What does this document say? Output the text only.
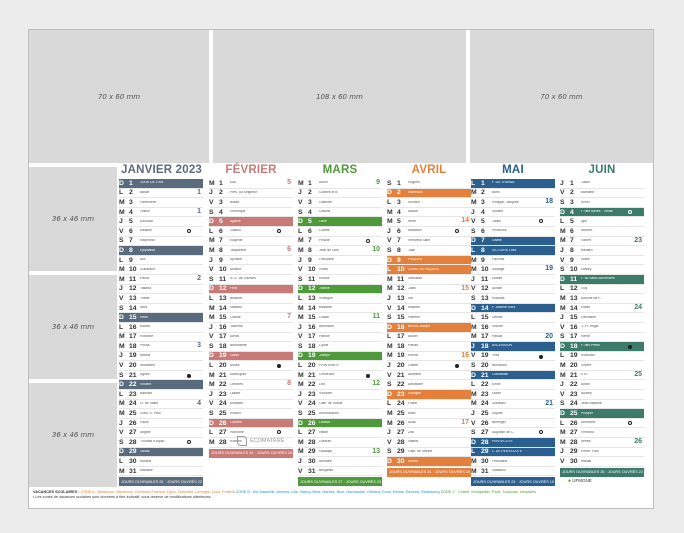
70 x 60 mm	108 x 60 mm	70 x 60 mm
36 x 46 mm
36 x 46 mm
36 x 46 mm
JANVIER 2023
D 1	JOUR DE L'AN
L 2	Basile	1
M 3	Geneviève
M 4	Odilon	1
J 5	Edouard
V 6	Mélaine
S 7	Raymond
D 8	Epiphanie
L 9	Alix
M 10	Guillaume
M 11	Paulin	2
J 12	Tatiana
V 13	Yvette
S 14	Nina
D 15	Rémi
L 16	Marcel
M 17	Roseline
M 18	Prisca	3
J 19	Marius
V 20	Sébastien
S 21	Agnès
D 22	Vincent
L 23	Barnard
M 24	Fr. de Sales	4
M 25	Conv. S. Paul
J 26	Paule
V 27	Angèle
S 28	Thomas d'Aquin
D 29	Gildas
L 30	Martine
M 31	Marcelle
JOURS OUVRABLES 25 · JOURS OUVRÉS 22
FÉVRIER
M 1	Ella	5
J 2	Prés. du Seigneur
V 3	Blaise
S 4	Véronique
D 5	Agathe
L 6	Gaston
M 7	Eugénie
M 8	Jacqueline	6
J 9	Apolline
V 10	Arnaud
S 11	N.-D. de Lourdes
D 12	Félix
L 13	Béatrice
M 14	Valentin
M 15	Claude	7
J 16	Julienne
V 17	Alexis
S 18	Bernadette
D 19	Gabin
L 20	Aimée
M 21	Mardi gras
M 22	Cendres	8
J 23	Lazare
V 24	Modeste
S 25	Roméo
D 26	Carême
L 27	Honorine
M 28	Romain
JOURS OUVRABLES 24 · JOURS OUVRÉS 20
MARS
M 1	Aubin	9
J 2	Charles le B.
V 3	Guénolé
S 4	Casimir
D 5	Olive
L 6	Colette
M 7	Félicité
M 8	Jean de Dieu	10
J 9	Françoise
V 10	Vivien
S 11	Rosine
D 12	Justine
L 13	Rodrigue
M 14	Mathilde
M 15	Louise	11
J 16	Bénédicte
V 17	Patrice
S 18	Cyrille
D 19	Joseph
L 20	PRINTEMPS
M 21	Clémence
M 22	Léa	12
J 23	Victorien
V 24	Cath. de Suède
S 25	Annonciation
D 26	Larissa
L 27	Habib
M 28	Gontran
M 29	Gwladys	13
J 30	Amédée
V 31	Benjamin
JOURS OUVRABLES 27 · JOURS OUVRÉS 23
AVRIL
S 1	Hugues
D 2	Rameaux
L 3	Richard
M 4	Isidore
M 5	Irène	14
J 6	Marcellin
V 7	Vendredi Saint
S 8	Julie
D 9	PÂQUES
L 10	LUNDI DE PÂQUES
M 11	Stanislas
M 12	Jules	15
J 13	Ida
V 14	Maxime
S 15	Paterne
D 16	Benoît-Joseph
L 17	Anicet
M 18	Parfait
M 19	Emma	16
J 20	Odette
V 21	Anselme
S 22	Alexandre
D 23	Georges
L 24	Fidèle
M 25	Marc
M 26	Alida	17
J 27	Zita
V 28	Valérie
S 29	Cath. de Sienne
D 30	Robert
JOURS OUVRABLES 24 · JOURS OUVRÉS 19
MAI
L 1	F. DU TRAVAIL
M 2	Boris
M 3	Philippe, Jacques	18
J 4	Sylvain
V 5	Judith
S 6	Prudence
D 7	Gisèle
L 8	VICTOIRE 1945
M 9	Pacôme
M 10	Solange	19
J 11	Estelle
V 12	Achille
S 13	Rolande
D 14	F. Jeanne d'Arc
L 15	Denise
M 16	Honoré
M 17	Pascal	20
J 18	ASCENSION
V 19	Yves
S 20	Bernardin
D 21	Constantin
L 22	Emile
M 23	Didier
M 24	Donatien	21
J 25	Sophie
V 26	Bérenger
S 27	Augustin de C.
D 28	PENTECÔTE
L 29	L. DE PENTECÔTE
M 30	Ferdinand
M 31	Visitation
JOURS OUVRABLES 23 · JOURS OUVRÉS 19
JUIN
J 1	Justin
V 2	Blandine
S 3	Kévin
D 4	F. des Mères · Trinité
L 5	Igor
M 6	Norbert
M 7	Gilbert	23
J 8	Médard
V 9	Diane
S 10	Landry
D 11	F. du Saint-Sacrement
L 12	Guy
M 13	Antoine de P.
M 14	Elisée	24
J 15	Germaine
V 16	J.-Fr. Régis
S 17	Hervé
D 18	F. des Pères
L 19	Romuald
M 20	Silvère
M 21	ÉTÉ	25
J 22	Alban
V 23	Audrey
S 24	Jean-Baptiste
D 25	Prosper
L 26	Anthelme
M 27	Fernand
M 28	Irénée	26
J 29	Pierre, Paul
V 30	Martial
JOURS OUVRABLES 26 · JOURS OUVRÉS 22
ECOMATERE
♣ UFMGNE
VACANCES SCOLAIRES : ZONE A : Besançon, Bordeaux, Clermont-Ferrand, Dijon, Grenoble, Limoges, Lyon, Poitiers ZONE B : Aix-Marseille, Amiens, Lille, Nancy-Metz, Nantes, Nice, Normandie, Orléans-Tours, Reims, Rennes, Strasbourg ZONE C : Créteil, Montpellier, Paris, Toulouse, Versailles
• Les zones de vacances scolaires sont données à titre indicatif, sous réserve de modifications ultérieures.
